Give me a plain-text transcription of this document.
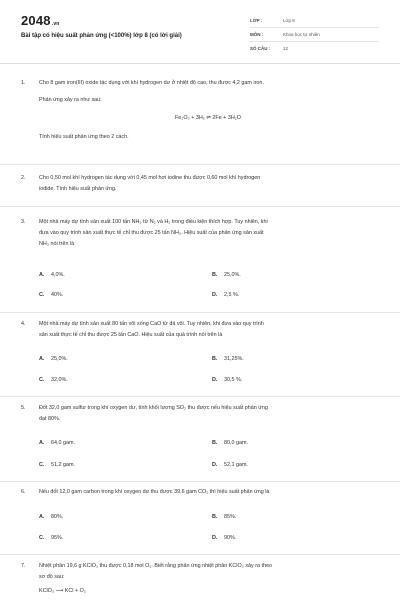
2048.vn
Bài tập có hiệu suất phản ứng (<100%) lớp 8 (có lời giải)
LỚP :	Lớp 8
MÔN :	Khoa học tự nhiên
SỐ CÂU :	12
1.	Cho 8 gam iron(III) oxide tác dụng với khí hydrogen dư ở nhiệt độ cao, thu được 4,2 gam iron.

Phản ứng xảy ra như sau:

Fe₂O₃ + 3H₂ ⇌ 2Fe + 3H₂O

Tính hiệu suất phản ứng theo 2 cách.

2.	Cho 0,50 mol khí hydrogen tác dụng với 0,45 mol hơi iodine thu được 0,60 mol khí hydrogen

iodide. Tính hiệu suất phản ứng.

3.	Một nhà máy dự tính sản xuất 100 tấn NH₃ từ N₂ và H₂ trong điều kiện thích hợp. Tuy nhiên, khi

đưa vào quy trình sản xuất thực tế chỉ thu được 25 tấn NH₃. Hiệu suất của phản ứng sản xuất

NH₃ nói trên là

A. 4,0%.	B. 25,0%.
C. 40%.	D. 2,5 %.
4.	Một nhà máy dự tính sản xuất 80 tấn vôi sống CaO từ đá vôi. Tuy nhiên, khi đưa vào quy trình

sản xuất thực tế chỉ thu được 25 tấn CaO. Hiệu suất của quá trình nói trên là

A. 25,0%.	B. 31,25%.
C. 32,0%.	D. 30,5 %.
5.	Đốt 32,0 gam sulfur trong khí oxygen dư, tính khối lượng SO₂ thu được nếu hiệu suất phản ứng

đạt 80%.

A. 64,0 gam.	B. 80,0 gam.
C. 51,2 gam.	D. 52,1 gam.
6.	Nếu đốt 12,0 gam carbon trong khí oxygen dư thu được 39,6 gam CO₂ thì hiệu suất phản ứng là

A. 80%.	B. 85%.
C. 95%.	D. 90%.
7.	Nhiệt phân 19,6 g KClO₃ thu được 0,18 mol O₂. Biết rằng phản ứng nhiệt phân KClO₃ xảy ra theo

sơ đồ sau:

KClO₃ ⟶ KCl + O₂
